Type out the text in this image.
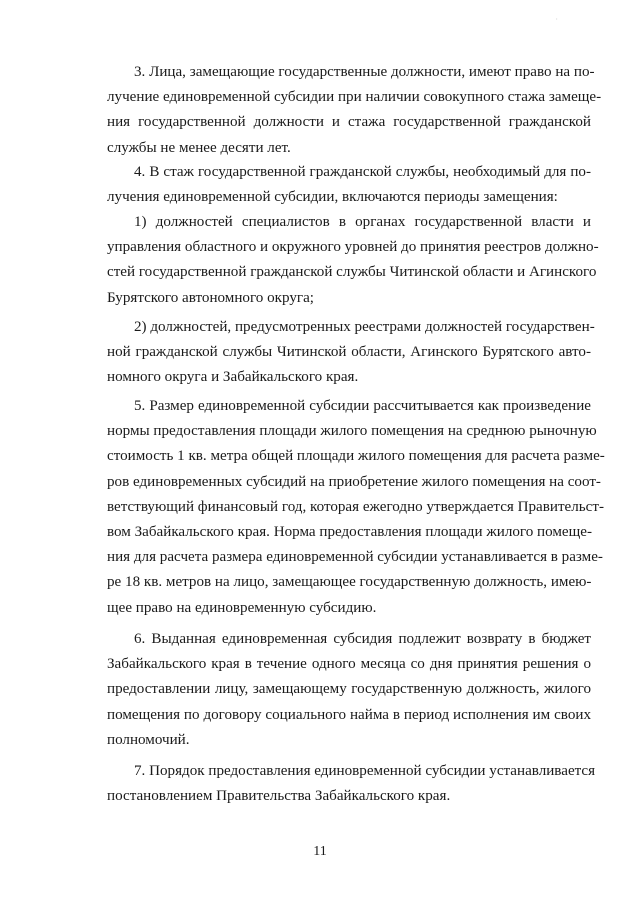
·

3. Лица, замещающие государственные должности, имеют право на по-
лучение единовременной субсидии при наличии совокупного стажа замеще-
ния государственной должности и стажа государственной гражданской
службы не менее десяти лет.

4. В стаж государственной гражданской службы, необходимый для по-
лучения единовременной субсидии, включаются периоды замещения:

1) должностей специалистов в органах государственной власти и
управления областного и окружного уровней до принятия реестров должно-
стей государственной гражданской службы Читинской области и Агинского
Бурятского автономного округа;

2) должностей, предусмотренных реестрами должностей государствен-
ной гражданской службы Читинской области, Агинского Бурятского авто-
номного округа и Забайкальского края.

5. Размер единовременной субсидии рассчитывается как произведение
нормы предоставления площади жилого помещения на среднюю рыночную
стоимость 1 кв. метра общей площади жилого помещения для расчета разме-
ров единовременных субсидий на приобретение жилого помещения на соот-
ветствующий финансовый год, которая ежегодно утверждается Правительст-
вом Забайкальского края. Норма предоставления площади жилого помеще-
ния для расчета размера единовременной субсидии устанавливается в разме-
ре 18 кв. метров на лицо, замещающее государственную должность, имею-
щее право на единовременную субсидию.

6. Выданная единовременная субсидия подлежит возврату в бюджет
Забайкальского края в течение одного месяца со дня принятия решения о
предоставлении лицу, замещающему государственную должность, жилого
помещения по договору социального найма в период исполнения им своих
полномочий.

7. Порядок предоставления единовременной субсидии устанавливается
постановлением Правительства Забайкальского края.

11
